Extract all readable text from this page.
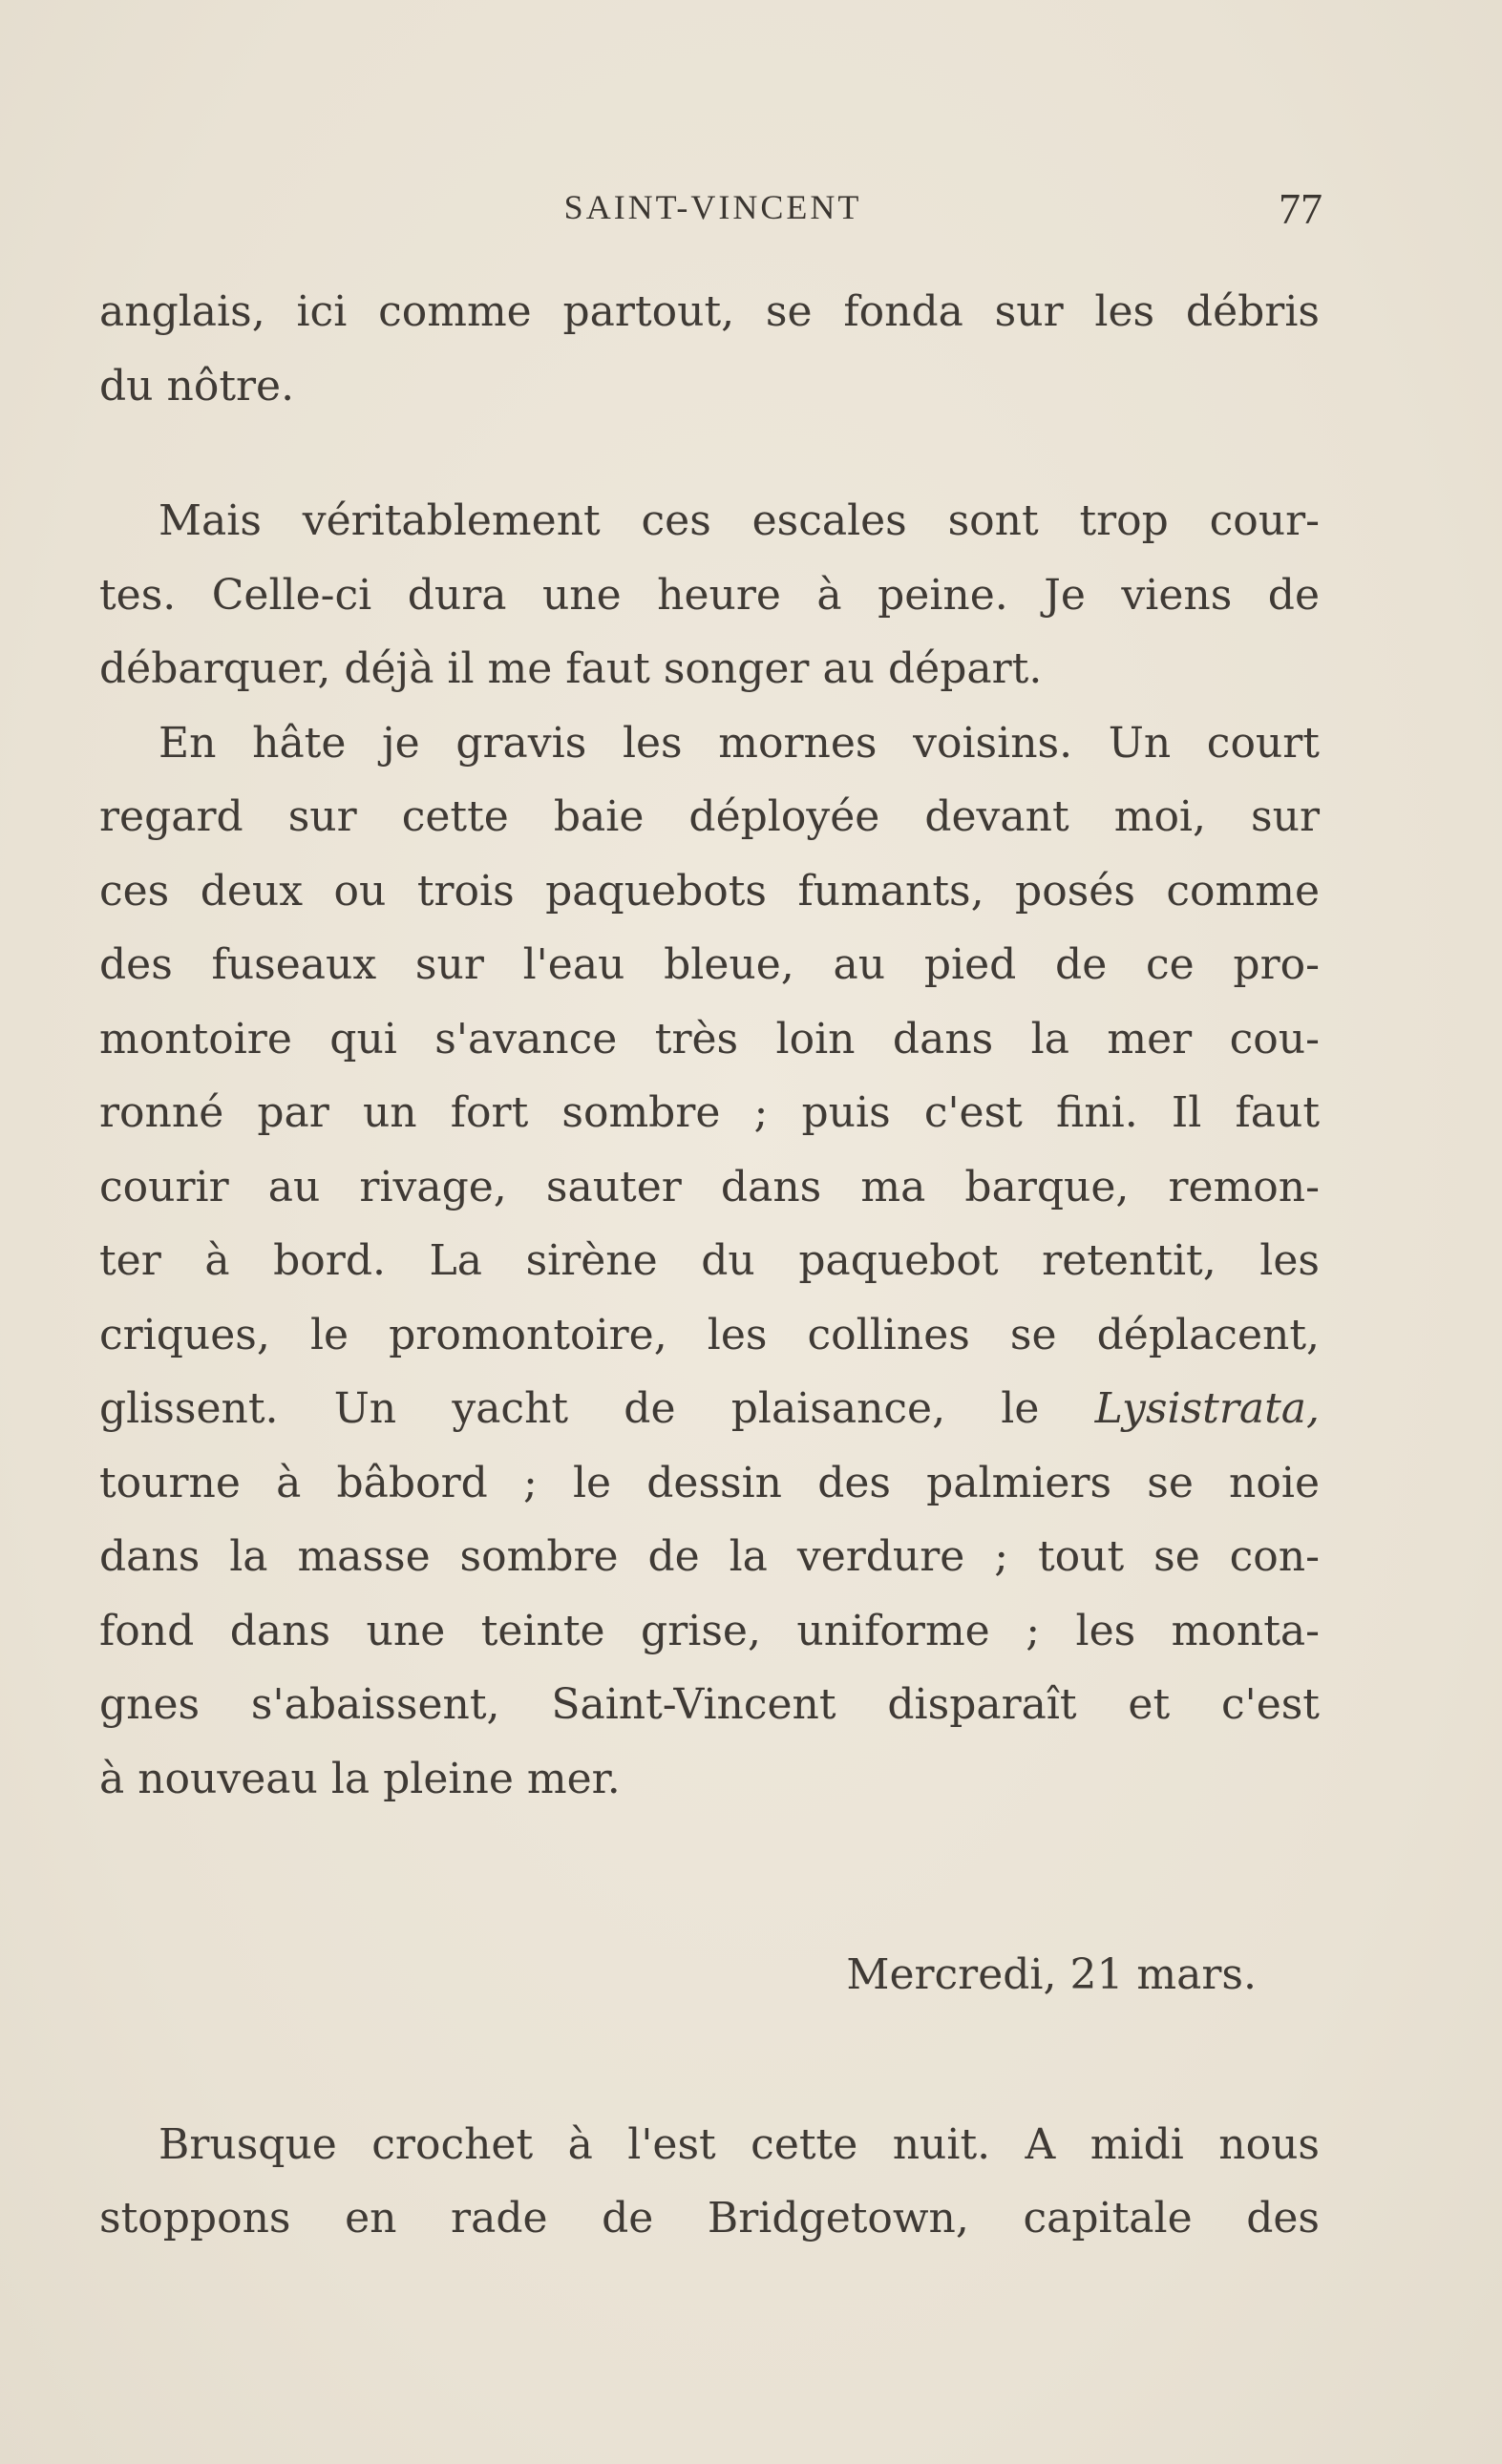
SAINT-VINCENT	77
anglais, ici comme partout, se fonda sur les débris
du nôtre.
Mais véritablement ces escales sont trop cour-
tes. Celle-ci dura une heure à peine. Je viens de
débarquer, déjà il me faut songer au départ.
En hâte je gravis les mornes voisins. Un court
regard sur cette baie déployée devant moi, sur
ces deux ou trois paquebots fumants, posés comme
des fuseaux sur l'eau bleue, au pied de ce pro-
montoire qui s'avance très loin dans la mer cou-
ronné par un fort sombre ; puis c'est fini. Il faut
courir au rivage, sauter dans ma barque, remon-
ter à bord. La sirène du paquebot retentit, les
criques, le promontoire, les collines se déplacent,
glissent. Un yacht de plaisance, le Lysistrata,
tourne à bâbord ; le dessin des palmiers se noie
dans la masse sombre de la verdure ; tout se con-
fond dans une teinte grise, uniforme ; les monta-
gnes s'abaissent, Saint-Vincent disparaît et c'est
à nouveau la pleine mer.
Mercredi, 21 mars.
Brusque crochet à l'est cette nuit. A midi nous
stoppons en rade de Bridgetown, capitale des
